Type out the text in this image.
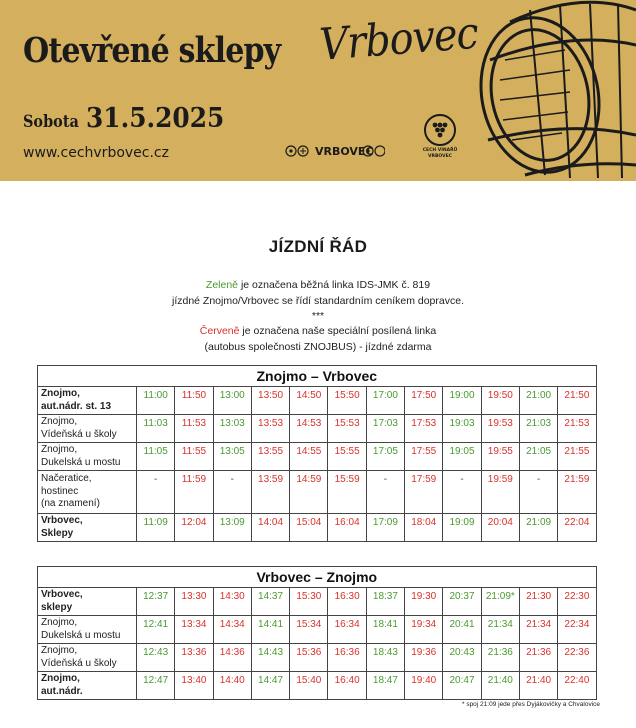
Otevřené sklepy Vrbovec
Sobota 31.5.2025
www.cechvrbovec.cz	VRBOVEC	CECH VINAŘŮ
VRBOVEC
JÍZDNÍ ŘÁD
Zeleně je označena běžná linka IDS-JMK č. 819
jízdné Znojmo/Vrbovec se řídí standardním ceníkem dopravce.
***
Červeně je označena naše speciální posílená linka
(autobus společnosti ZNOJBUS) - jízdné zdarma
Znojmo – Vrbovec												
Znojmo,
aut.nádr. st. 13	11:00	11:50	13:00	13:50	14:50	15:50	17:00	17:50	19:00	19:50	21:00	21:50
Znojmo,
Vídeňská u školy	11:03	11:53	13:03	13:53	14:53	15:53	17:03	17:53	19:03	19:53	21:03	21:53
Znojmo,
Dukelská u mostu	11:05	11:55	13:05	13:55	14:55	15:55	17:05	17:55	19:05	19:55	21:05	21:55
Načeratice,
hostinec
(na znamení)	-	11:59	-	13:59	14:59	15:59	-	17:59	-	19:59	-	21:59
Vrbovec,
Sklepy	11:09	12:04	13:09	14:04	15:04	16:04	17:09	18:04	19:09	20:04	21:09	22:04
Vrbovec – Znojmo												
Vrbovec,
sklepy	12:37	13:30	14:30	14:37	15:30	16:30	18:37	19:30	20:37	21:09*	21:30	22:30
Znojmo,
Dukelská u mostu	12:41	13:34	14:34	14:41	15:34	16:34	18:41	19:34	20:41	21:34	21:34	22:34
Znojmo,
Vídeňská u školy	12:43	13:36	14:36	14:43	15:36	16:36	18:43	19:36	20:43	21:36	21:36	22:36
Znojmo,
aut.nádr.	12:47	13:40	14:40	14:47	15:40	16:40	18:47	19:40	20:47	21:40	21:40	22:40
* spoj 21:09 jede přes Dyjákovičky a Chvalovice
